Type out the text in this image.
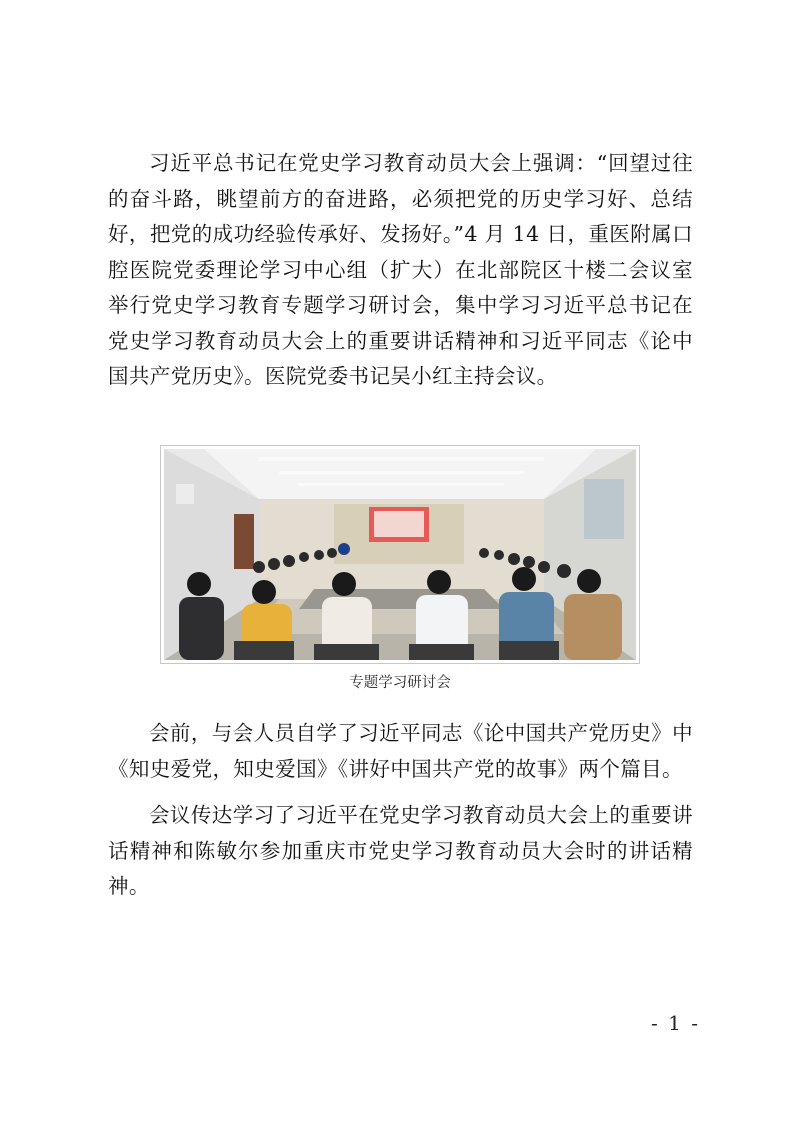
习近平总书记在党史学习教育动员大会上强调：“回望过往的奋斗路，眺望前方的奋进路，必须把党的历史学习好、总结好，把党的成功经验传承好、发扬好。”4 月 14 日，重医附属口腔医院党委理论学习中心组（扩大）在北部院区十楼二会议室举行党史学习教育专题学习研讨会，集中学习习近平总书记在党史学习教育动员大会上的重要讲话精神和习近平同志《论中国共产党历史》。医院党委书记吴小红主持会议。

专题学习研讨会

会前，与会人员自学了习近平同志《论中国共产党历史》中《知史爱党，知史爱国》《讲好中国共产党的故事》两个篇目。

会议传达学习了习近平在党史学习教育动员大会上的重要讲话精神和陈敏尔参加重庆市党史学习教育动员大会时的讲话精神。

- 1 -
